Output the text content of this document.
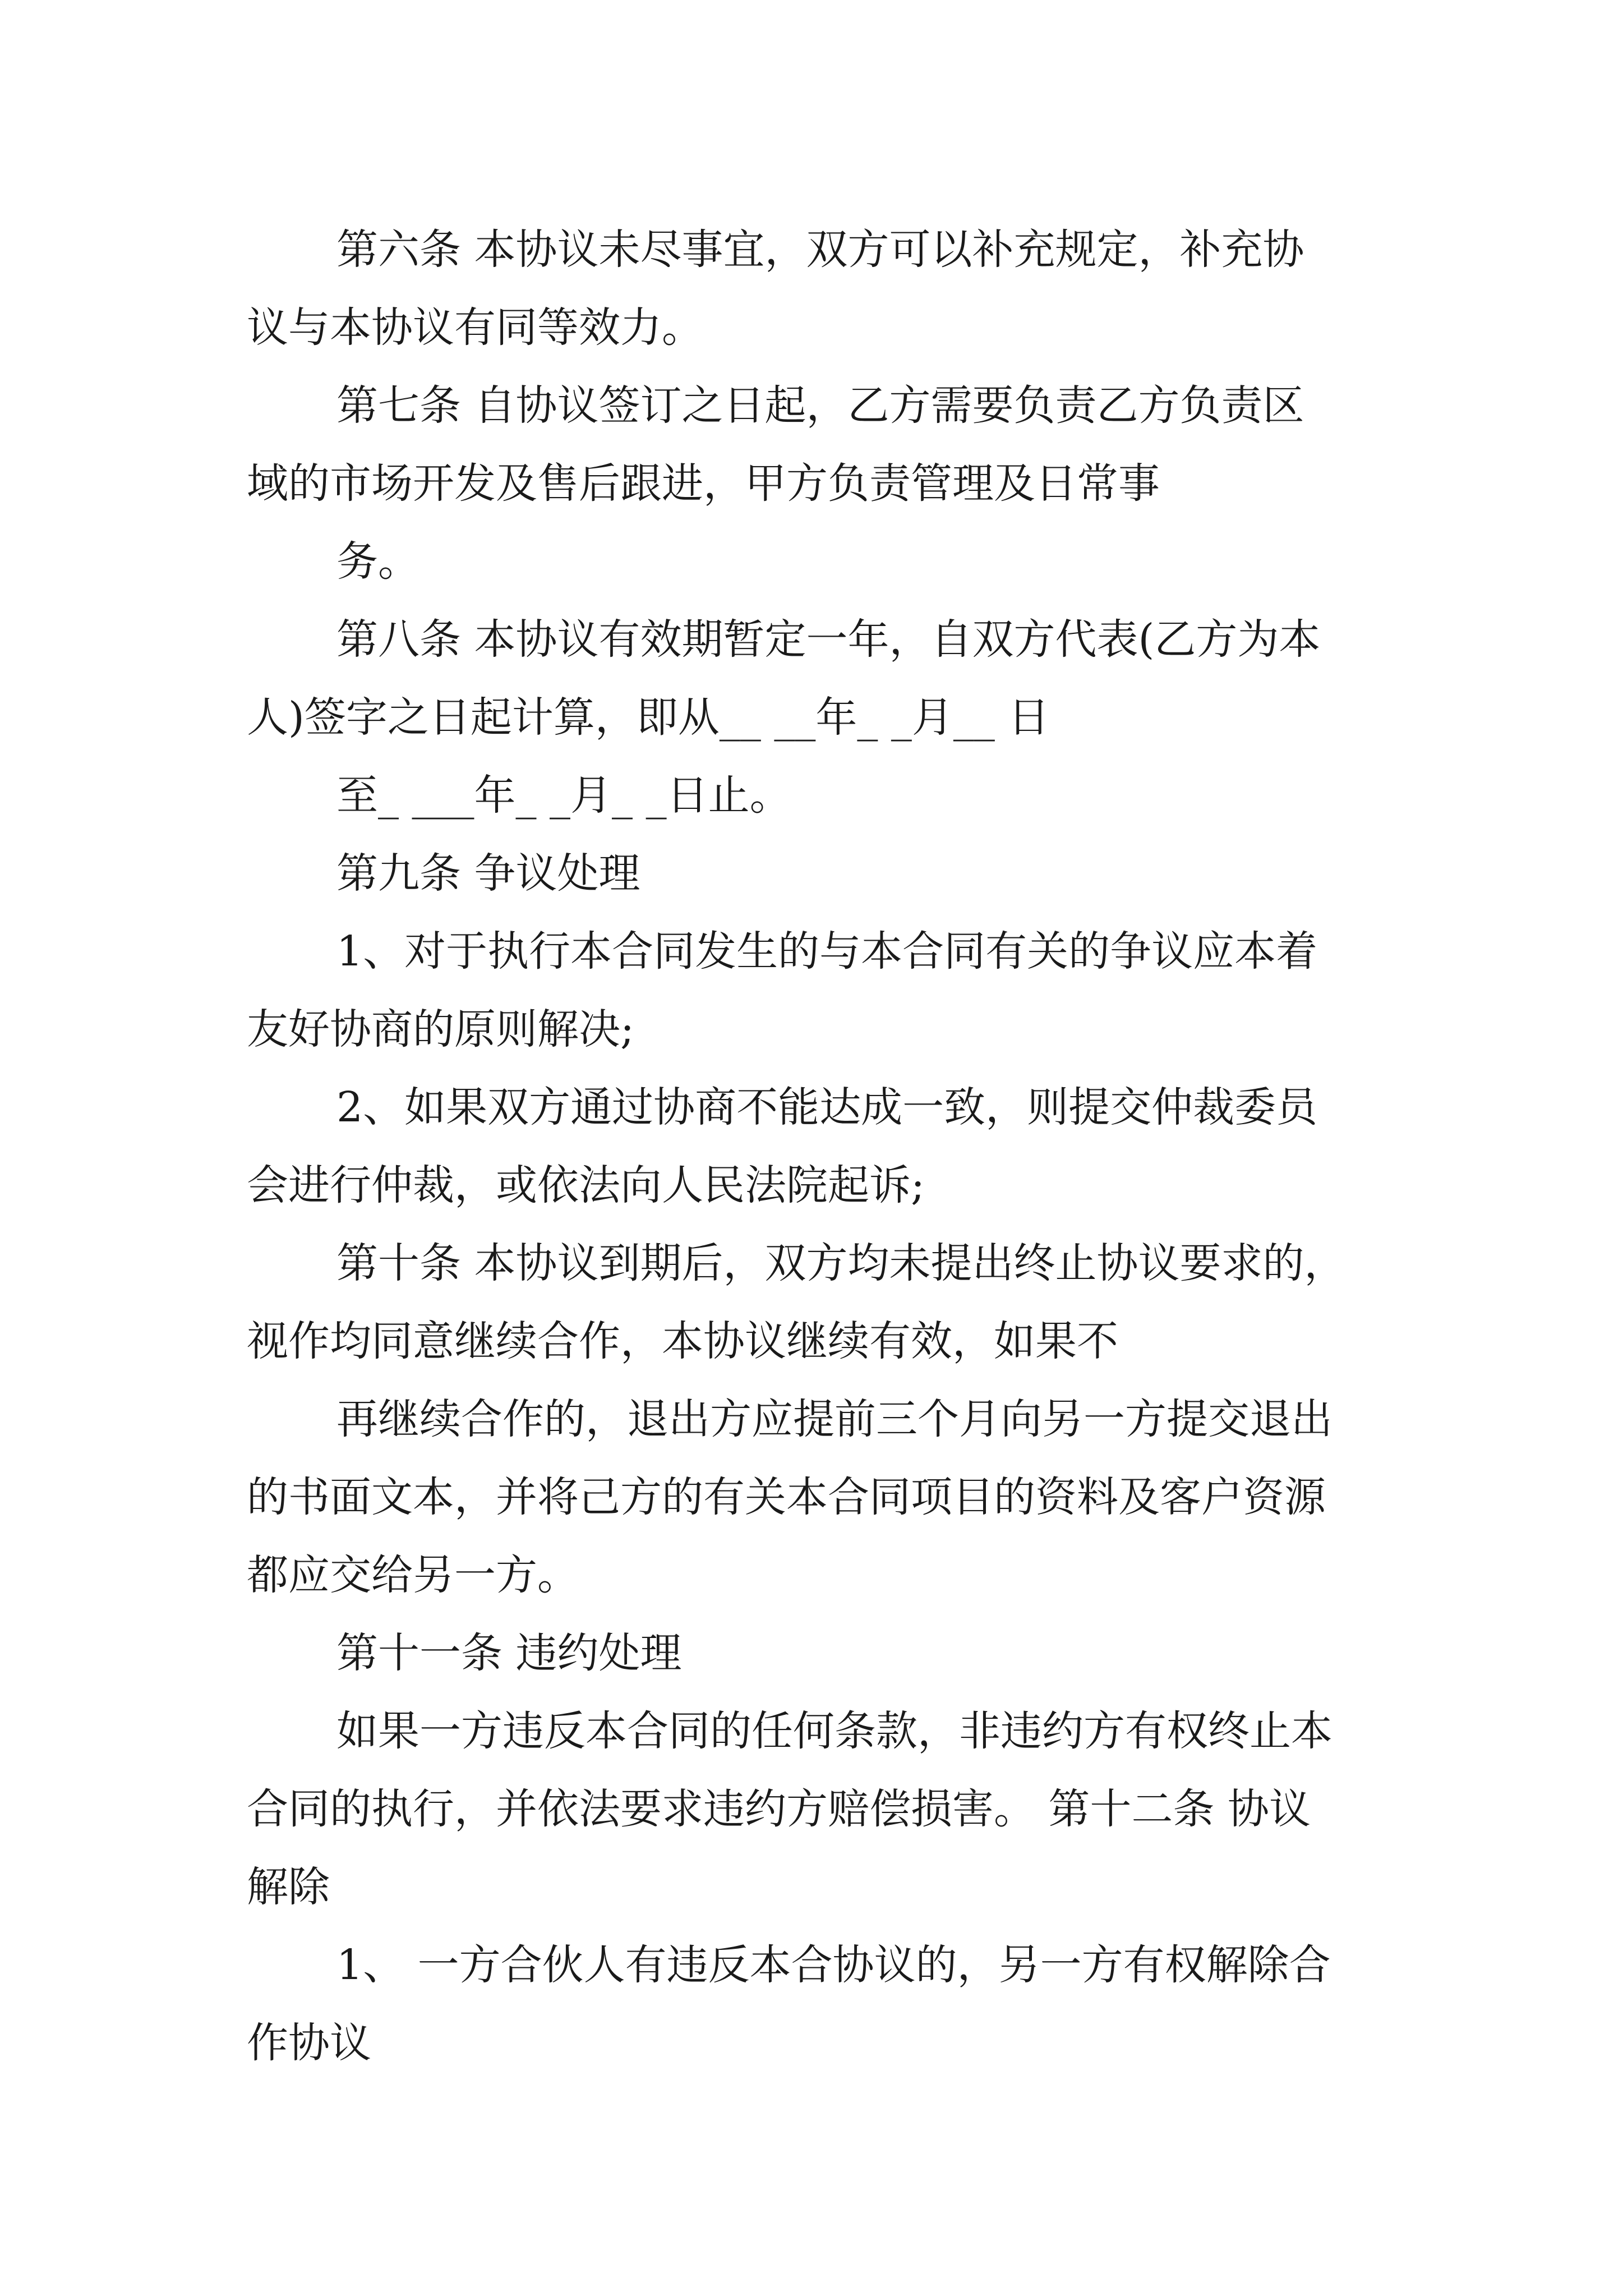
第六条 本协议未尽事宜，双方可以补充规定，补充协
议与本协议有同等效力。
第七条 自协议签订之日起，乙方需要负责乙方负责区
域的市场开发及售后跟进，甲方负责管理及日常事
务。
第八条 本协议有效期暂定一年，自双方代表(乙方为本
人)签字之日起计算，即从__ __年_ _月__ 日
至_ ___年_ _月_ _日止。
第九条 争议处理
1、对于执行本合同发生的与本合同有关的争议应本着
友好协商的原则解决;
2、如果双方通过协商不能达成一致，则提交仲裁委员
会进行仲裁，或依法向人民法院起诉;
第十条 本协议到期后，双方均未提出终止协议要求的，
视作均同意继续合作，本协议继续有效，如果不
再继续合作的，退出方应提前三个月向另一方提交退出
的书面文本，并将己方的有关本合同项目的资料及客户资源
都应交给另一方。
第十一条 违约处理
如果一方违反本合同的任何条款，非违约方有权终止本
合同的执行，并依法要求违约方赔偿损害。 第十二条 协议
解除
1、 一方合伙人有违反本合协议的，另一方有权解除合
作协议
